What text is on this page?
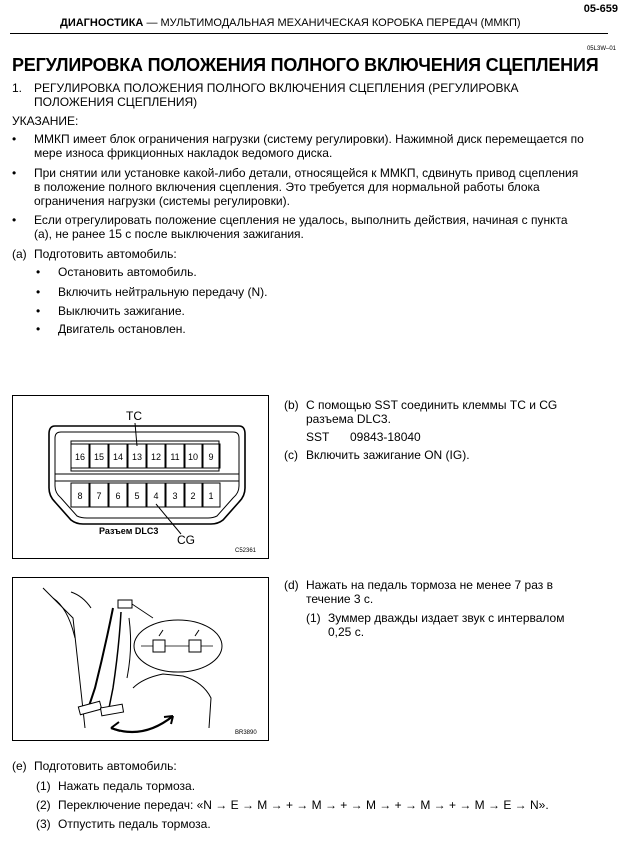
05-659
ДИАГНОСТИКА — МУЛЬТИМОДАЛЬНАЯ МЕХАНИЧЕСКАЯ КОРОБКА ПЕРЕДАЧ (ММКП)
05L3W–01
РЕГУЛИРОВКА ПОЛОЖЕНИЯ ПОЛНОГО ВКЛЮЧЕНИЯ СЦЕПЛЕНИЯ
1. РЕГУЛИРОВКА ПОЛОЖЕНИЯ ПОЛНОГО ВКЛЮЧЕНИЯ СЦЕПЛЕНИЯ (РЕГУЛИРОВКА
ПОЛОЖЕНИЯ СЦЕПЛЕНИЯ)
УКАЗАНИЕ:
• ММКП имеет блок ограничения нагрузки (систему регулировки). Нажимной диск перемещается по
мере износа фрикционных накладок ведомого диска.
• При снятии или установке какой-либо детали, относящейся к ММКП, сдвинуть привод сцепления
в положение полного включения сцепления. Это требуется для нормальной работы блока
ограничения нагрузки (системы регулировки).
• Если отрегулировать положение сцепления не удалось, выполнить действия, начиная с пункта
(а), не ранее 15 с после выключения зажигания.
(a) Подготовить автомобиль:
• Остановить автомобиль.
• Включить нейтральную передачу (N).
• Выключить зажигание.
• Двигатель остановлен.
16 15 14 13 12 11 10 9
8 7 6 5 4 3 2 1
TC
CG
Разъем DLC3
C52361
(b) С помощью SST соединить клеммы TC и CG
разъема DLC3.
SST 09843-18040
(c) Включить зажигание ON (IG).
BR3890
(d) Нажать на педаль тормоза не менее 7 раз в
течение 3 с.
(1) Зуммер дважды издает звук с интервалом
0,25 с.
(e) Подготовить автомобиль:
(1) Нажать педаль тормоза.
(2) Переключение передач: «N → E → M → + → M → + → M → + → M → + → M → E → N».
(3) Отпустить педаль тормоза.
